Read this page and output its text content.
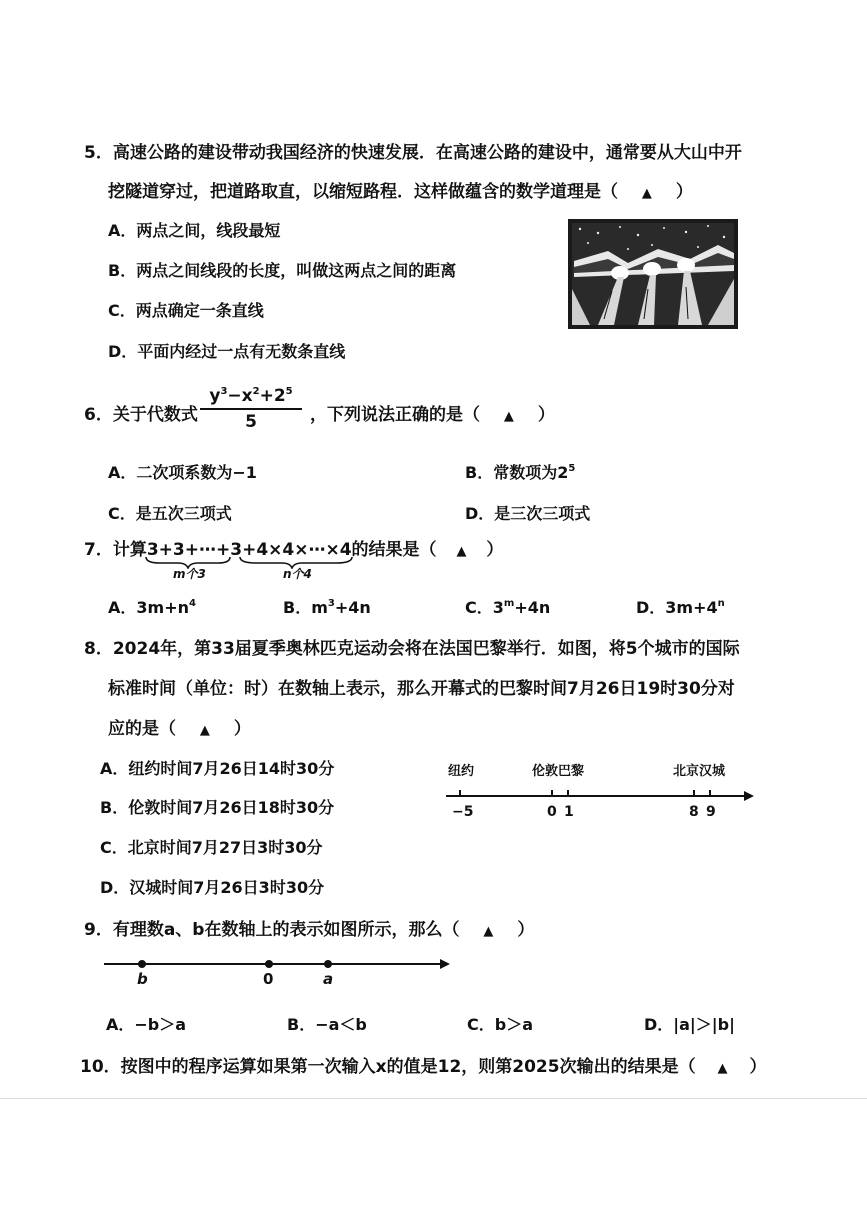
5．高速公路的建设带动我国经济的快速发展．在高速公路的建设中，通常要从大山中开
挖隧道穿过，把道路取直，以缩短路程．这样做蕴含的数学道理是（ ▲ ）
A．两点之间，线段最短
B．两点之间线段的长度，叫做这两点之间的距离
C．两点确定一条直线
D．平面内经过一点有无数条直线
6．关于代数式 $\frac{y^3-x^2+2^5}{5}$ ，下列说法正确的是（ ▲ ）
A．二次项系数为−1	B．常数项为$2^5$
C．是五次三项式	D．是三次三项式
7．计算3+3+⋯+3+4×4×⋯×4的结果是（ ▲ ）
m个3	n个4
A．$3m+n^4$	B．$m^3+4n$	C．$3^m+4n$	D．$3m+4^n$
8．2024年，第33届夏季奥林匹克运动会将在法国巴黎举行．如图，将5个城市的国际
标准时间（单位：时）在数轴上表示，那么开幕式的巴黎时间7月26日19时30分对
应的是（ ▲ ）
A．纽约时间7月26日14时30分
B．伦敦时间7月26日18时30分
C．北京时间7月27日3时30分
D．汉城时间7月26日3时30分
纽约	伦敦巴黎	北京汉城
−5	0 1	8 9
9．有理数a、b在数轴上的表示如图所示，那么（ ▲ ）
b	0	a
A．−b＞a	B．−a＜b	C．b＞a	D．|a|＞|b|
10．按图中的程序运算如果第一次输入x的值是12，则第2025次输出的结果是（ ▲ ）
